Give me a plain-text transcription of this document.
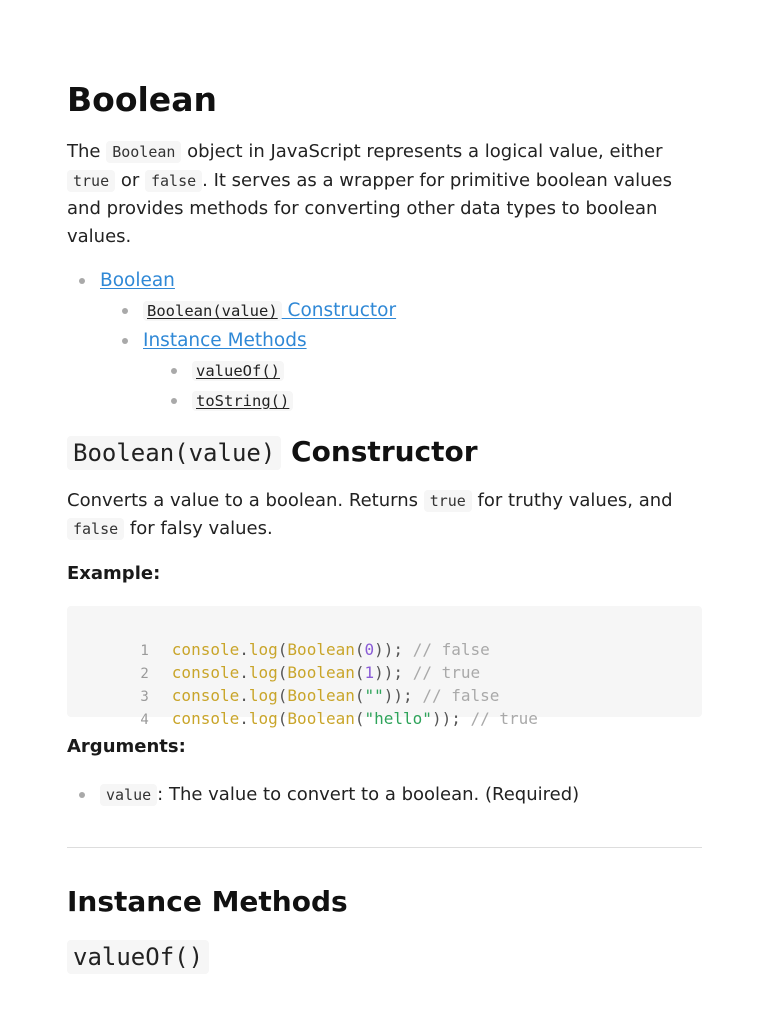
Boolean

The Boolean object in JavaScript represents a logical value, either true or false . It serves as a wrapper for primitive boolean values and provides methods for converting other data types to boolean values.

Boolean
Boolean(value) Constructor
Instance Methods
valueOf()
toString()
Boolean(value) Constructor

Converts a value to a boolean. Returns true for truthy values, and false for falsy values.

Example:

1 console.log(Boolean(0)); // false

2 console.log(Boolean(1)); // true

3 console.log(Boolean("")); // false

4 console.log(Boolean("hello")); // true

Arguments:

value : The value to convert to a boolean. (Required)
Instance Methods
valueOf()
